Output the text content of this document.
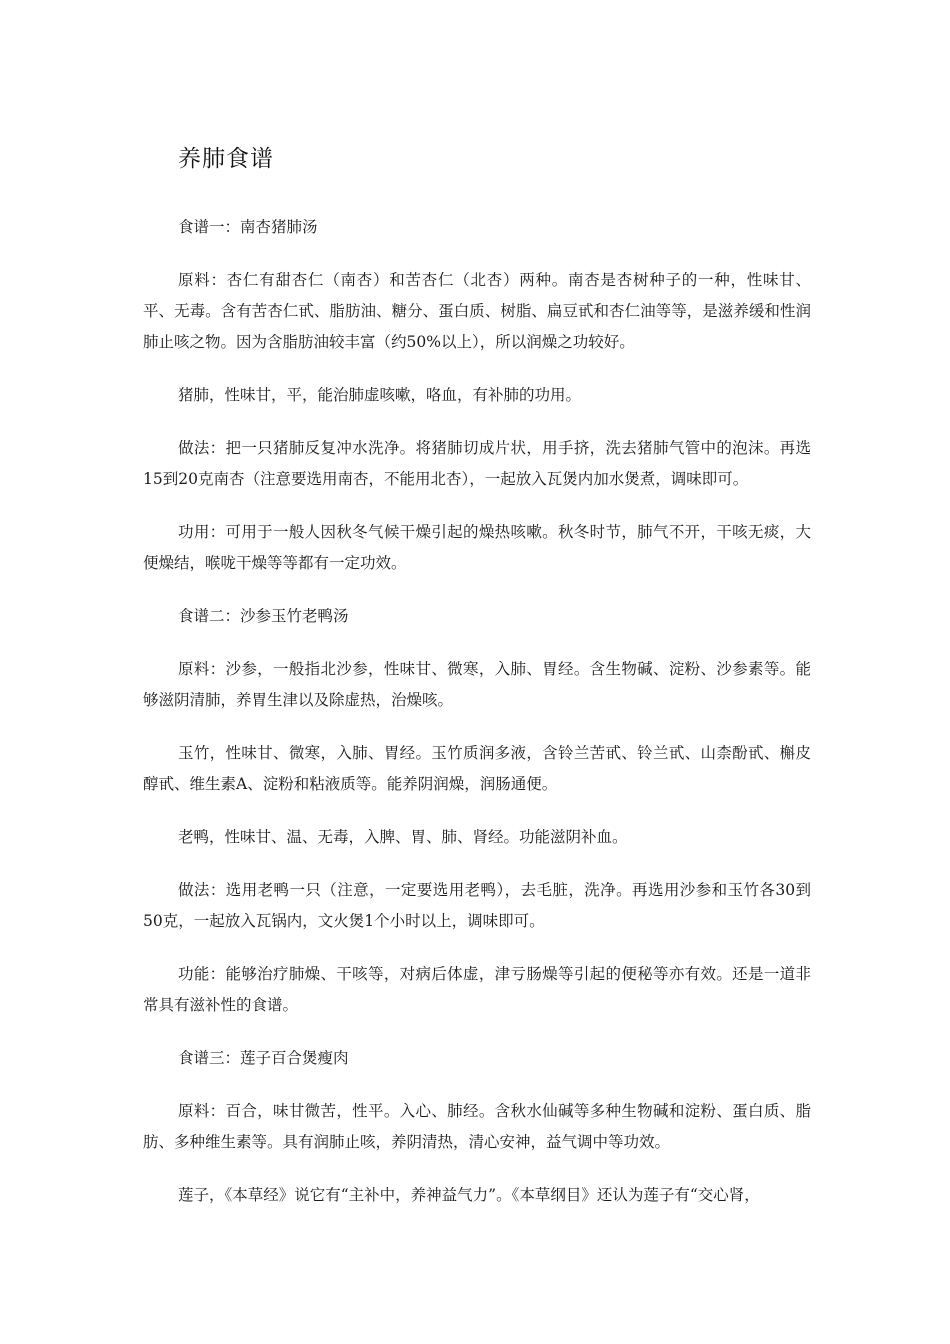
养肺食谱

食谱一：南杏猪肺汤

原料：杏仁有甜杏仁（南杏）和苦杏仁（北杏）两种。南杏是杏树种子的一种，性味甘、平、无毒。含有苦杏仁甙、脂肪油、糖分、蛋白质、树脂、扁豆甙和杏仁油等等，是滋养缓和性润肺止咳之物。因为含脂肪油较丰富（约50%以上），所以润燥之功较好。

猪肺，性味甘，平，能治肺虚咳嗽，咯血，有补肺的功用。

做法：把一只猪肺反复冲水洗净。将猪肺切成片状，用手挤，洗去猪肺气管中的泡沫。再选15到20克南杏（注意要选用南杏，不能用北杏），一起放入瓦煲内加水煲煮，调味即可。

功用：可用于一般人因秋冬气候干燥引起的燥热咳嗽。秋冬时节，肺气不开，干咳无痰，大便燥结，喉咙干燥等等都有一定功效。

食谱二：沙参玉竹老鸭汤

原料：沙参，一般指北沙参，性味甘、微寒，入肺、胃经。含生物碱、淀粉、沙参素等。能够滋阴清肺，养胃生津以及除虚热，治燥咳。

玉竹，性味甘、微寒，入肺、胃经。玉竹质润多液，含铃兰苦甙、铃兰甙、山柰酚甙、槲皮醇甙、维生素A、淀粉和粘液质等。能养阴润燥，润肠通便。

老鸭，性味甘、温、无毒，入脾、胃、肺、肾经。功能滋阴补血。

做法：选用老鸭一只（注意，一定要选用老鸭），去毛脏，洗净。再选用沙参和玉竹各30到50克，一起放入瓦锅内，文火煲1个小时以上，调味即可。

功能：能够治疗肺燥、干咳等，对病后体虚，津亏肠燥等引起的便秘等亦有效。还是一道非常具有滋补性的食谱。

食谱三：莲子百合煲瘦肉

原料：百合，味甘微苦，性平。入心、肺经。含秋水仙碱等多种生物碱和淀粉、蛋白质、脂肪、多种维生素等。具有润肺止咳，养阴清热，清心安神，益气调中等功效。

莲子，《本草经》说它有“主补中，养神益气力”。《本草纲目》还认为莲子有“交心肾，
